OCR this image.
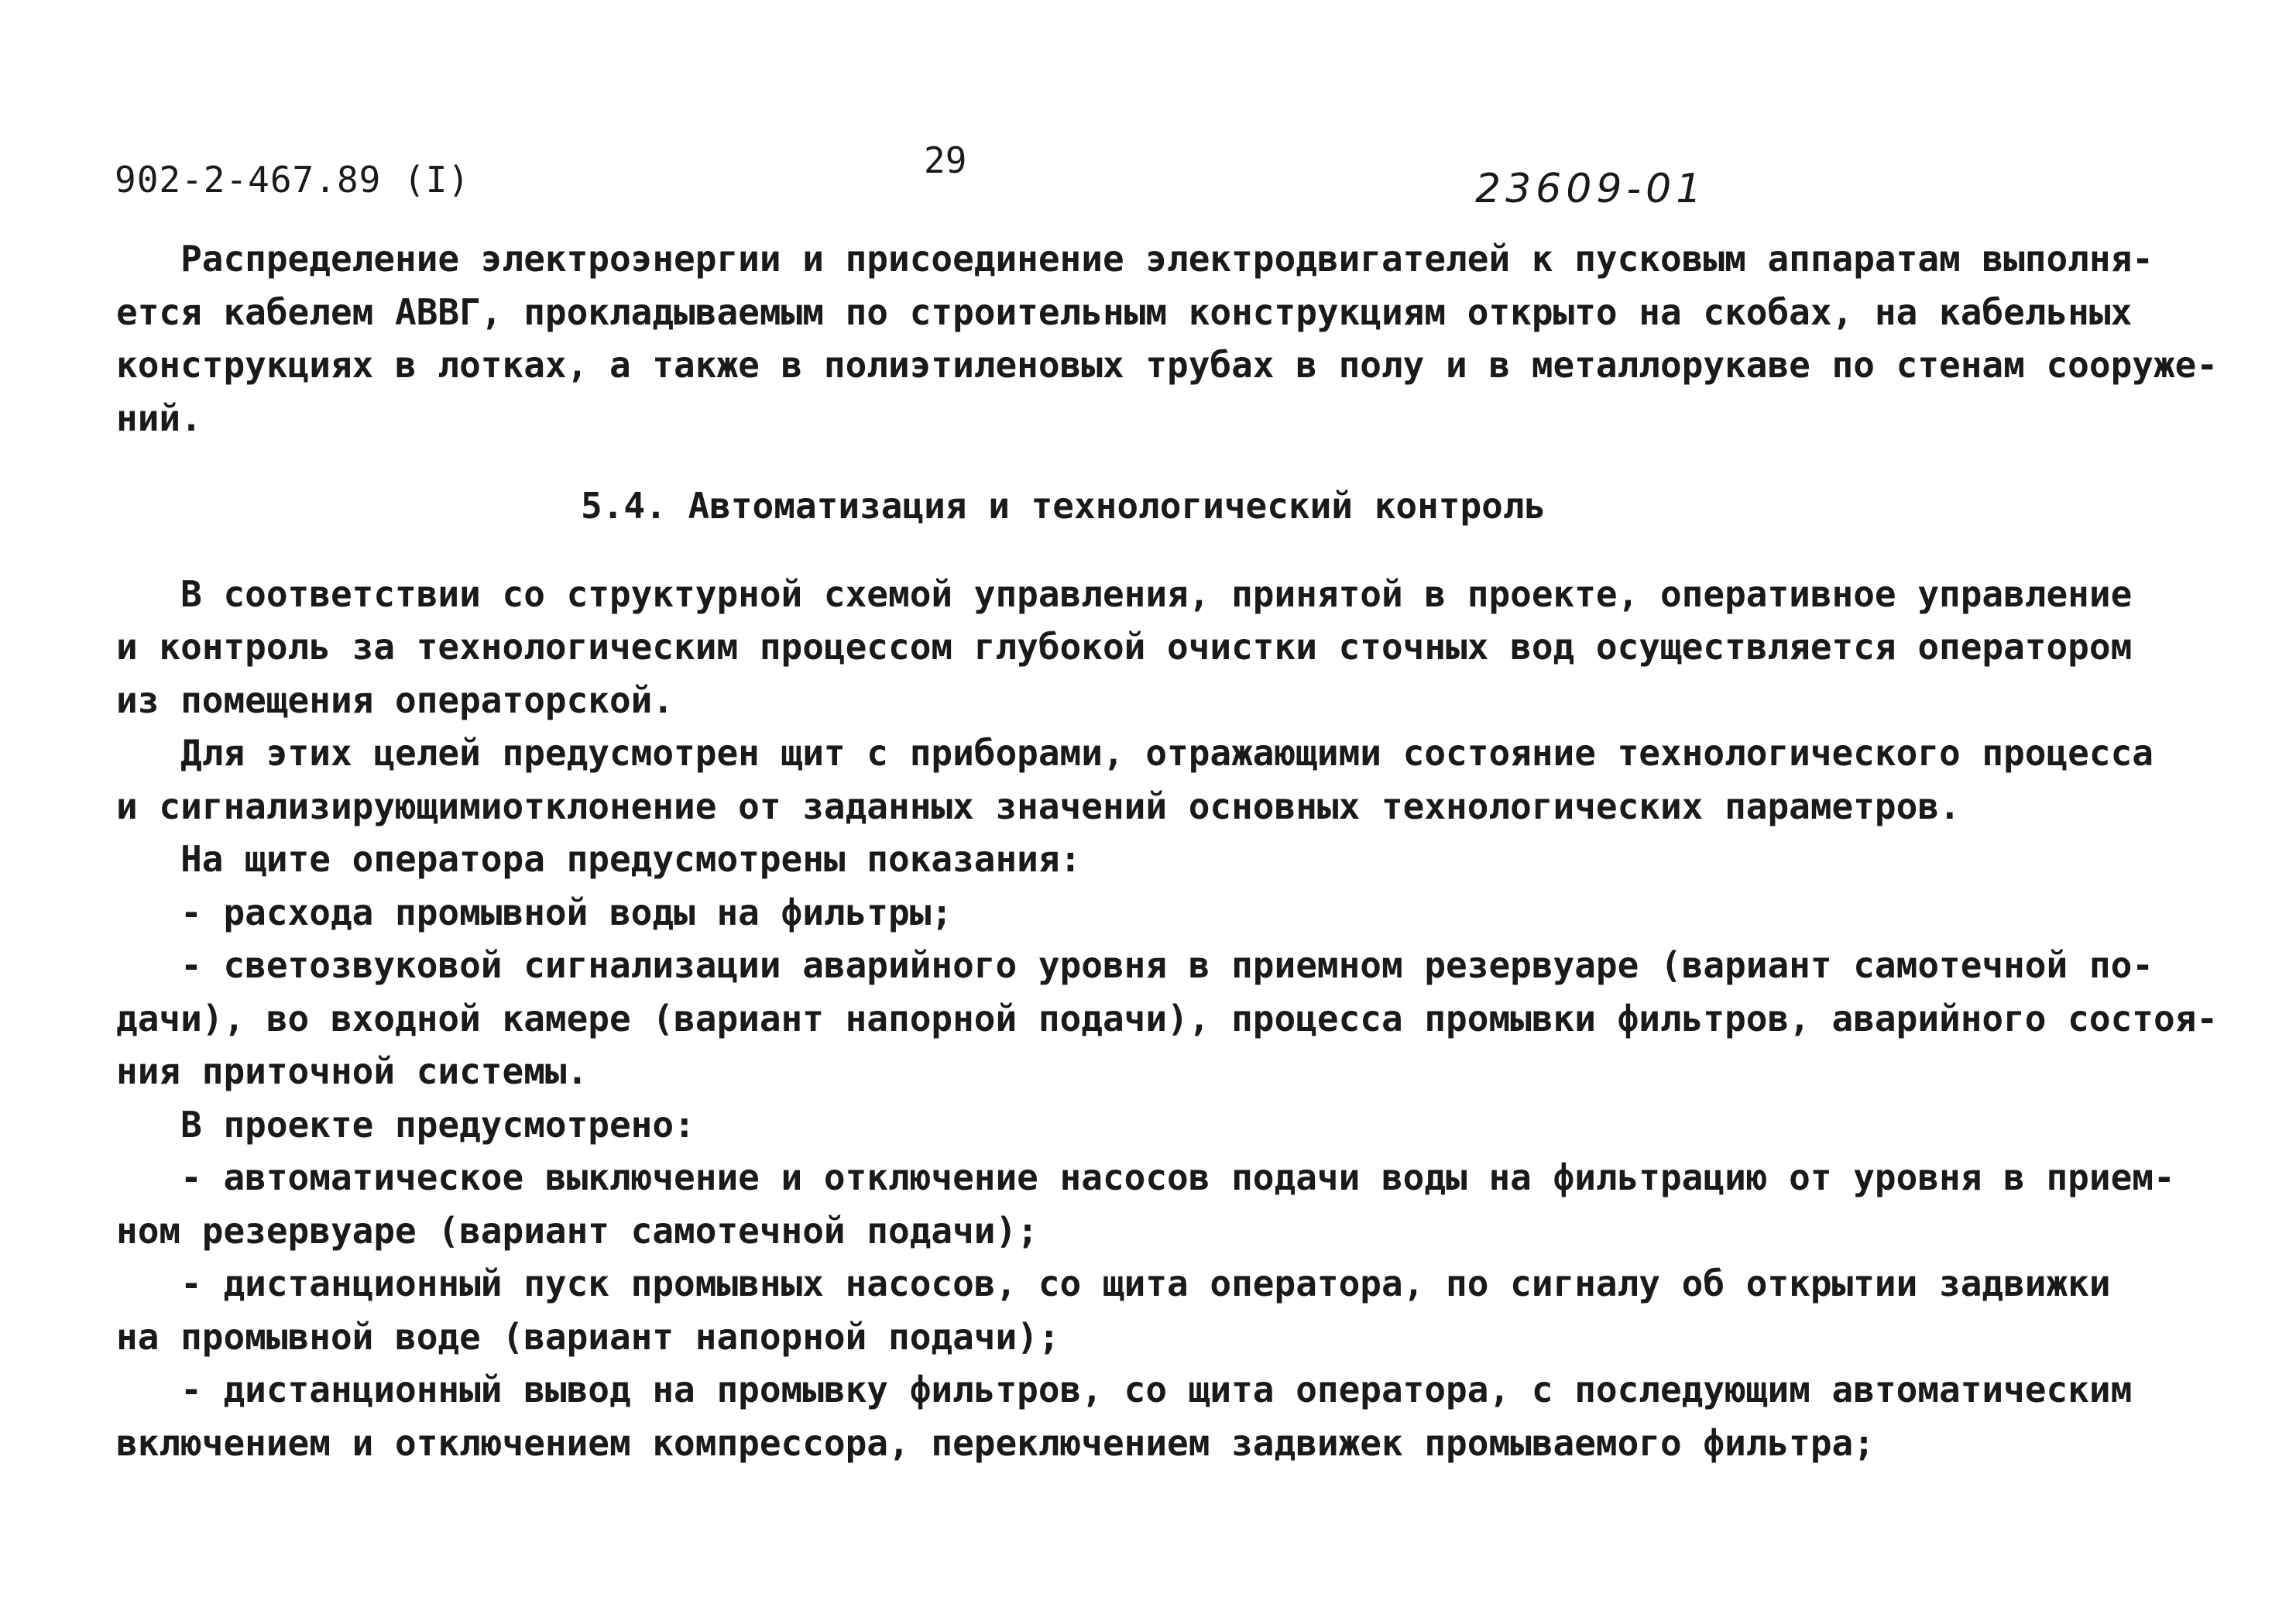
902-2-467.89 (I)	29
23609-01
Распределение электроэнергии и присоединение электродвигателей к пусковым аппаратам выполня-
ется кабелем АВВГ, прокладываемым по строительным конструкциям открыто на скобах, на кабельных
конструкциях в лотках, а также в полиэтиленовых трубах в полу и в металлорукаве по стенам сооруже-
ний.
5.4. Автоматизация и технологический контроль
В соответствии со структурной схемой управления, принятой в проекте, оперативное управление
и контроль за технологическим процессом глубокой очистки сточных вод осуществляется оператором
из помещения операторской.
Для этих целей предусмотрен щит с приборами, отражающими состояние технологического процесса
и сигнализирующимиотклонение от заданных значений основных технологических параметров.
На щите оператора предусмотрены показания:
- расхода промывной воды на фильтры;
- светозвуковой сигнализации аварийного уровня в приемном резервуаре (вариант самотечной по-
дачи), во входной камере (вариант напорной подачи), процесса промывки фильтров, аварийного состоя-
ния приточной системы.
В проекте предусмотрено:
- автоматическое выключение и отключение насосов подачи воды на фильтрацию от уровня в прием-
ном резервуаре (вариант самотечной подачи);
- дистанционный пуск промывных насосов, со щита оператора, по сигналу об открытии задвижки
на промывной воде (вариант напорной подачи);
- дистанционный вывод на промывку фильтров, со щита оператора, с последующим автоматическим
включением и отключением компрессора, переключением задвижек промываемого фильтра;
